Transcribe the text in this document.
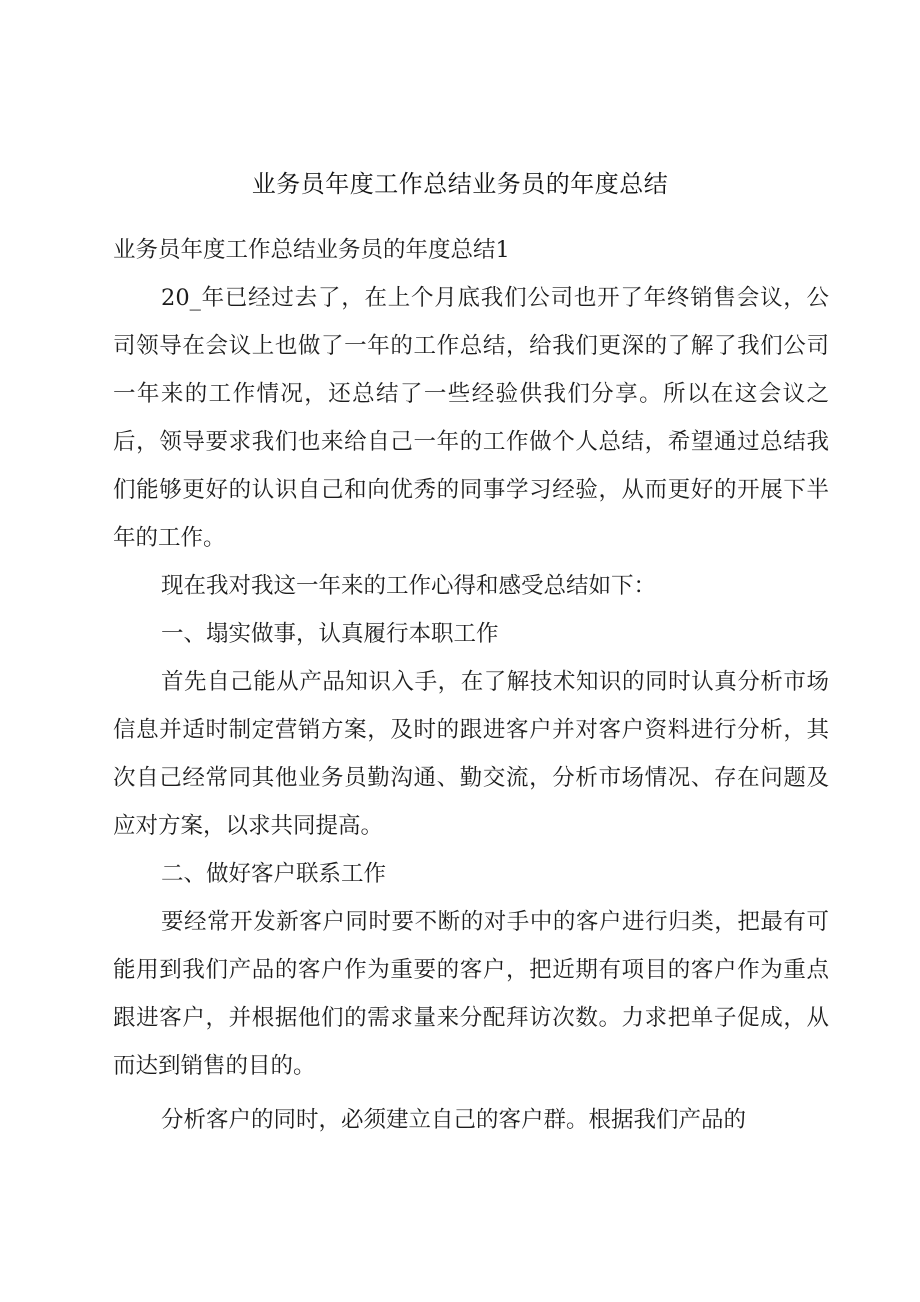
业务员年度工作总结业务员的年度总结

业务员年度工作总结业务员的年度总结1

20_年已经过去了，在上个月底我们公司也开了年终销售会议，公司领导在会议上也做了一年的工作总结，给我们更深的了解了我们公司一年来的工作情况，还总结了一些经验供我们分享。所以在这会议之后，领导要求我们也来给自己一年的工作做个人总结，希望通过总结我们能够更好的认识自己和向优秀的同事学习经验，从而更好的开展下半年的工作。

现在我对我这一年来的工作心得和感受总结如下：

一、塌实做事，认真履行本职工作

首先自己能从产品知识入手，在了解技术知识的同时认真分析市场信息并适时制定营销方案，及时的跟进客户并对客户资料进行分析，其次自己经常同其他业务员勤沟通、勤交流，分析市场情况、存在问题及应对方案，以求共同提高。

二、做好客户联系工作

要经常开发新客户同时要不断的对手中的客户进行归类，把最有可能用到我们产品的客户作为重要的客户，把近期有项目的客户作为重点跟进客户，并根据他们的需求量来分配拜访次数。力求把单子促成，从而达到销售的目的。

分析客户的同时，必须建立自己的客户群。根据我们产品的
